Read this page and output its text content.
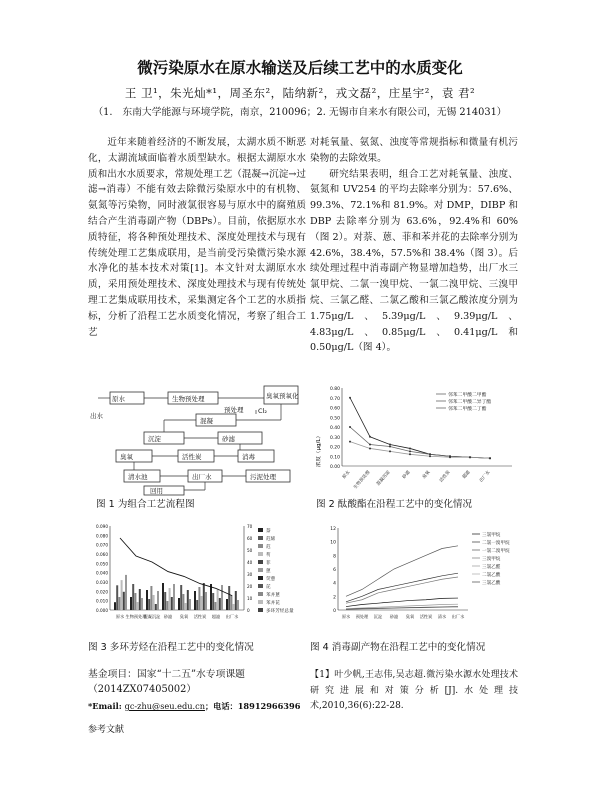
微污染原水在原水输送及后续工艺中的水质变化
王 卫¹，朱光灿*¹，周圣东²，陆纳新²，戎文磊²，庄星宇²，袁 君²
（1.　东南大学能源与环境学院，南京，210096；2. 无锡市自来水有限公司，无锡 214031）

近年来随着经济的不断发展，太湖水质不断恶化，太湖流域面临着水质型缺水。根据太湖原水水质和出水水质要求，常规处理工艺（混凝→沉淀→过滤→消毒）不能有效去除微污染原水中的有机物、氨氮等污染物，同时液氯很容易与原水中的腐殖质结合产生消毒副产物（DBPs）。目前，依据原水水质特征，将各种预处理技术、深度处理技术与现有传统处理工艺集成联用，是当前受污染微污染水源水净化的基本技术对策[1]。本文针对太湖原水水质，采用预处理技术、深度处理技术与现有传统处理工艺集成联用技术，采集测定各个工艺的水质指标，分析了沿程工艺水质变化情况，考察了组合工艺

对耗氧量、氨氮、浊度等常规指标和微量有机污染物的去除效果。

研究结果表明，组合工艺对耗氧量、浊度、氨氮和 UV254 的平均去除率分别为：57.6%、99.3%、72.1%和 81.9%。对 DMP，DIBP 和 DBP 去除率分别为 63.6%，92.4%和 60%（图 2）。对萘、蒽、菲和苯并花的去除率分别为 42.6%，38.4%，57.5%和 38.4%（图 3）。后续处理过程中消毒副产物显增加趋势，出厂水三氯甲烷、二氯一溴甲烷、一氯二溴甲烷、三溴甲烷、三氯乙醛、二氯乙酸和三氯乙酸浓度分别为 1.75μg/L 、5.39μg/L 、9.39μg/L 、4.83μg/L 、0.85μg/L 、0.41μg/L 和 0.50μg/L（图 4）。

出水
原水	生物预处理	臭氧预氧化
混凝
沉淀	砂滤
臭氧	活性炭	消毒
清水池	出厂水	污泥处理
回用
预处理 Cl₂
浓度（μg/L）
0.00
0.10
0.20
0.30
0.40
0.50
0.60
0.70
0.80
原水 生物预处理	混凝沉淀	砂滤	臭氧	活性炭	超滤	出厂水
邻苯二甲酸二甲酯
邻苯二甲酸二异丁酯
邻苯二甲酸二丁酯
图 1 为组合工艺流程图	图 2 酞酸酯在沿程工艺中的变化情况
0.000
0.010
0.020
0.030
0.040
0.050
0.060
0.070
0.080
0.090
0
10
20
30
40
50
60
70
原水 生物预处理
混凝沉淀 砂滤 臭氧 活性炭 超滤 出厂水
萘
苊烯
苊
芴
菲
蒽
荧蒽
芘
苯并蒽
苯并芘
多环芳烃总量	0
2
4
6
8
10
12
原水 预处理 沉淀 砂滤 臭氧 活性炭 清水 出厂水
三氯甲烷
二氯一溴甲烷
一氯二溴甲烷
三溴甲烷
三氯乙醛
二氯乙酸
三氯乙酸
图 3 多环芳烃在沿程工艺中的变化情况	图 4 消毒副产物在沿程工艺中的变化情况
基金项目：国家“十二五”水专项课题
（2014ZX07405002）
*Email: gc-zhu@seu.edu.cn；电话：18912966396
参考文献
【1】叶少帆,王志伟,吴志超.微污染水源水处理技术研究进展和对策分析[J].水处理技术,2010,36(6):22-28.
